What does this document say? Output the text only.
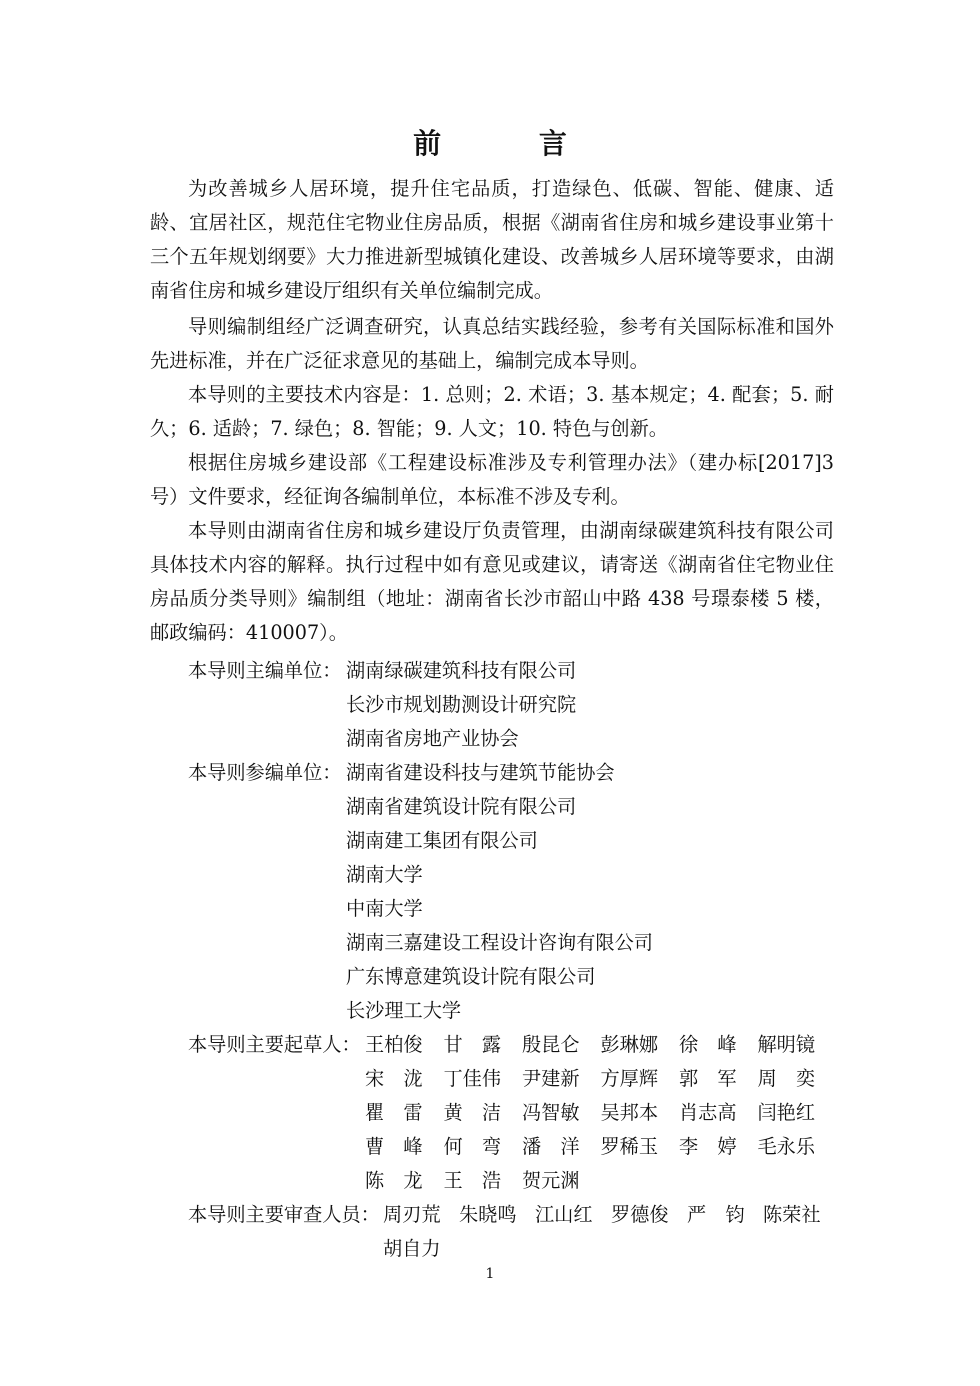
前 言

为改善城乡人居环境，提升住宅品质，打造绿色、低碳、智能、健康、适龄、宜居社区，规范住宅物业住房品质，根据《湖南省住房和城乡建设事业第十三个五年规划纲要》大力推进新型城镇化建设、改善城乡人居环境等要求，由湖南省住房和城乡建设厅组织有关单位编制完成。

导则编制组经广泛调查研究，认真总结实践经验，参考有关国际标准和国外先进标准，并在广泛征求意见的基础上，编制完成本导则。

本导则的主要技术内容是：1. 总则；2. 术语；3. 基本规定；4. 配套；5. 耐久；6. 适龄；7. 绿色；8. 智能；9. 人文；10. 特色与创新。

根据住房城乡建设部《工程建设标准涉及专利管理办法》（建办标[2017]3 号）文件要求，经征询各编制单位，本标准不涉及专利。

本导则由湖南省住房和城乡建设厅负责管理，由湖南绿碳建筑科技有限公司具体技术内容的解释。执行过程中如有意见或建议，请寄送《湖南省住宅物业住房品质分类导则》编制组（地址：湖南省长沙市韶山中路 438 号璟泰楼 5 楼，邮政编码：410007）。

本导则主编单位： 湖南绿碳建筑科技有限公司
长沙市规划勘测设计研究院
湖南省房地产业协会
本导则参编单位： 湖南省建设科技与建筑节能协会
湖南省建筑设计院有限公司
湖南建工集团有限公司
湖南大学
中南大学
湖南三嘉建设工程设计咨询有限公司
广东博意建筑设计院有限公司
长沙理工大学
本导则主要起草人： 王柏俊	甘　露	殷昆仑	彭琳娜	徐　峰	解明镜
宋　泷	丁佳伟	尹建新	方厚辉	郭　军	周　奕
瞿　雷	黄　洁	冯智敏	吴邦本	肖志高	闫艳红
曹　峰	何　弯	潘　洋	罗稀玉	李　婷	毛永乐
陈　龙	王　浩	贺元渊
本导则主要审查人员： 周刃荒 朱晓鸣 江山红 罗德俊 严　钧 陈荣社
胡自力
1
